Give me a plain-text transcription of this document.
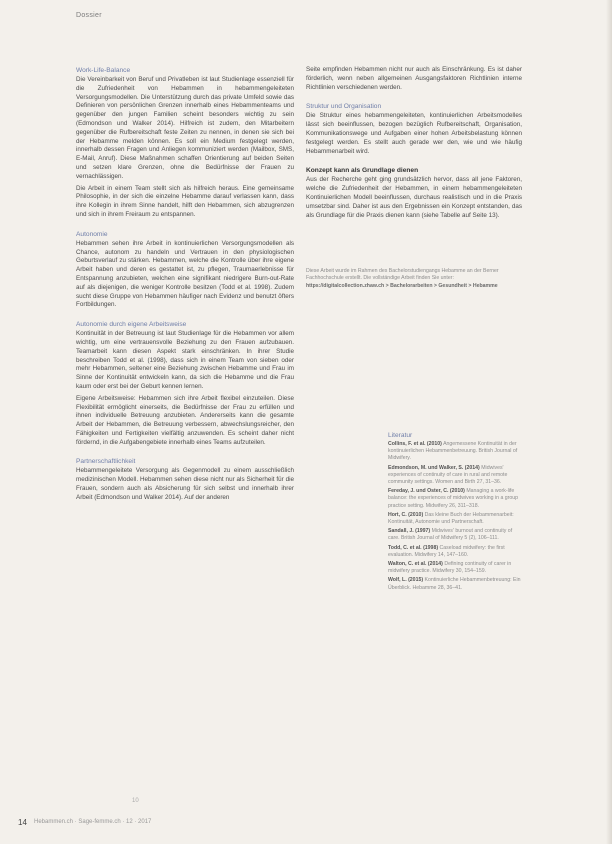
Dossier
Work-Life-Balance

Die Vereinbarkeit von Beruf und Privatleben ist laut Studienlage essenziell für die Zufriedenheit von Hebammen in hebammengeleiteten Versorgungsmodellen. Die Unterstützung durch das private Umfeld sowie das Definieren von persönlichen Grenzen innerhalb eines Hebammenteams und gegenüber den jungen Familien scheint besonders wichtig zu sein (Edmondson und Walker 2014). Hilfreich ist zudem, den Mitarbeitern gegenüber die Rufbereitschaft feste Zeiten zu nennen, in denen sie sich bei der Hebamme melden können. Es soll ein Medium festgelegt werden, innerhalb dessen Fragen und Anliegen kommuniziert werden (Mailbox, SMS, E-Mail, Anruf). Diese Maßnahmen schaffen Orientierung auf beiden Seiten und setzen klare Grenzen, ohne die Bedürfnisse der Frauen zu vernachlässigen.

Die Arbeit in einem Team stellt sich als hilfreich heraus. Eine gemeinsame Philosophie, in der sich die einzelne Hebamme darauf verlassen kann, dass ihre Kollegin in ihrem Sinne handelt, hilft den Hebammen, sich abzugrenzen und sich in ihrem Freiraum zu entspannen.

Autonomie

Hebammen sehen ihre Arbeit in kontinuierlichen Versorgungsmodellen als Chance, autonom zu handeln und Vertrauen in den physiologischen Geburtsverlauf zu stärken. Hebammen, welche die Kontrolle über ihre eigene Arbeit haben und deren es gestattet ist, zu pflegen, Traumaerlebnisse für Entspannung anzubieten, welchen eine signifikant niedrigere Burn-out-Rate auf als diejenigen, die weniger Kontrolle besitzen (Todd et al. 1998). Zudem sucht diese Gruppe von Hebammen häufiger nach Evidenz und benutzt öfters Fortbildungen.

Autonomie durch eigene Arbeitsweise

Kontinuität in der Betreuung ist laut Studienlage für die Hebammen vor allem wichtig, um eine vertrauensvolle Beziehung zu den Frauen aufzubauen. Teamarbeit kann diesen Aspekt stark einschränken. In ihrer Studie beschreiben Todd et al. (1998), dass sich in einem Team von sieben oder mehr Hebammen, seltener eine Beziehung zwischen Hebamme und Frau im Sinne der Kontinuität entwickeln kann, da sich die Hebamme und die Frau kaum oder erst bei der Geburt kennen lernen.

Eigene Arbeitsweise: Hebammen sich ihre Arbeit flexibel einzuteilen. Diese Flexibilität ermöglicht einerseits, die Bedürfnisse der Frau zu erfüllen und ihnen individuelle Betreuung anzubieten. Andererseits kann die gesamte Arbeit der Hebammen, die Betreuung verbessern, abwechslungsreicher, den Fähigkeiten und Fertigkeiten vielfältig anzuwenden. Es scheint daher nicht fördernd, in die Aufgabengebiete innerhalb eines Teams aufzuteilen.

Partnerschaftlichkeit

Hebammengeleitete Versorgung als Gegenmodell zu einem ausschließlich medizinischen Modell. Hebammen sehen diese nicht nur als Sicherheit für die Frauen, sondern auch als Absicherung für sich selbst und innerhalb ihrer Arbeit (Edmondson und Walker 2014). Auf der anderen

Seite empfinden Hebammen nicht nur auch als Einschränkung. Es ist daher förderlich, wenn neben allgemeinen Ausgangsfaktoren Richtlinien interne Richtlinien verschiedenen werden.

Struktur und Organisation

Die Struktur eines hebammengeleiteten, kontinuierlichen Arbeitsmodelles lässt sich beeinflussen, bezogen bezüglich Rufbereitschaft, Organisation, Kommunikationswege und Aufgaben einer hohen Arbeitsbelastung können festgelegt werden. Es stellt auch gerade wer den, wie und wie häufig Hebammenarbeit wird.

Konzept kann als Grundlage dienen

Aus der Recherche geht ging grundsätzlich hervor, dass all jene Faktoren, welche die Zufriedenheit der Hebammen, in einem hebammengeleiteten Kontinuierlichen Modell beeinflussen, durchaus realistisch und in die Praxis umsetzbar sind. Daher ist aus den Ergebnissen ein Konzept entstanden, das als Grundlage für die Praxis dienen kann (siehe Tabelle auf Seite 13).

Diese Arbeit wurde im Rahmen des Bachelorstudiengangs Hebamme an der Berner Fachhochschule erstellt. Die vollständige Arbeit finden Sie unter: https://digitalcollection.zhaw.ch > Bachelorarbeiten > Gesundheit > Hebamme
Literatur
Collins, F. et al. (2010) Angemessene Kontinuität in der kontinuierlichen Hebammenbetreuung. British Journal of Midwifery.
Edmondson, M. und Walker, S. (2014) Midwives' experiences of continuity of care in rural and remote community settings. Women and Birth 27, 31–36.
Fereday, J. und Oster, C. (2010) Managing a work-life balance: the experiences of midwives working in a group practice setting. Midwifery 26, 311–318.
Hort, C. (2010) Das kleine Buch der Hebammenarbeit: Kontinuität, Autonomie und Partnerschaft.
Sandall, J. (1997) Midwives' burnout and continuity of care. British Journal of Midwifery 5 (2), 106–111.
Todd, C. et al. (1998) Caseload midwifery: the first evaluation. Midwifery 14, 147–160.
Walton, C. et al. (2014) Defining continuity of carer in midwifery practice. Midwifery 30, 154–159.
Wolf, L. (2015) Kontinuierliche Hebammenbetreuung: Ein Überblick. Hebamme 28, 36–41.
10
14 Hebammen.ch · Sage-femme.ch · 12 · 2017
